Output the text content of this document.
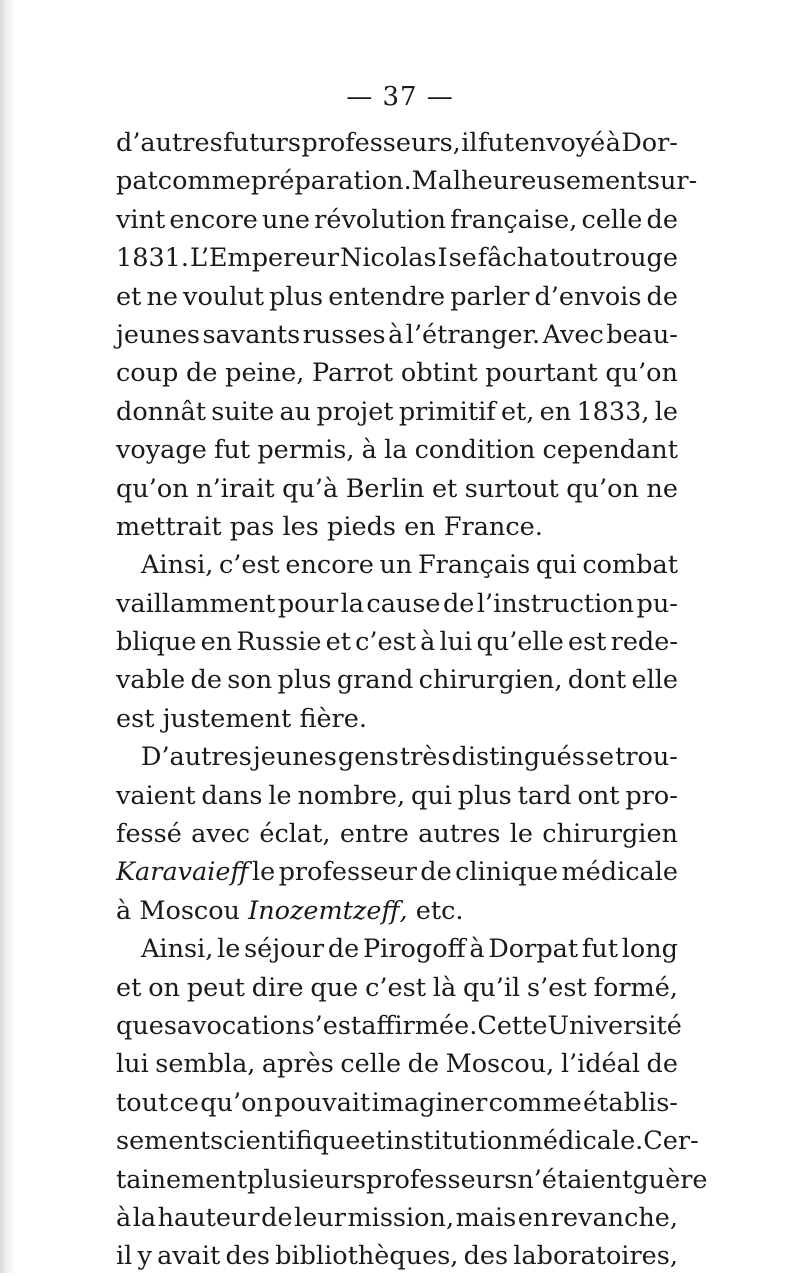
— 37 —
d’autres futurs professeurs, il fut envoyé à Dor-
pat comme préparation. Malheureusement sur-
vint encore une révolution française, celle de
1831. L’Empereur Nicolas I se fâcha tout rouge
et ne voulut plus entendre parler d’envois de
jeunes savants russes à l’étranger. Avec beau-
coup de peine, Parrot obtint pourtant qu’on
donnât suite au projet primitif et, en 1833, le
voyage fut permis, à la condition cependant
qu’on n’irait qu’à Berlin et surtout qu’on ne
mettrait pas les pieds en France.
Ainsi, c’est encore un Français qui combat
vaillamment pour la cause de l’instruction pu-
blique en Russie et c’est à lui qu’elle est rede-
vable de son plus grand chirurgien, dont elle
est justement fière.
D’autres jeunes gens très distingués se trou-
vaient dans le nombre, qui plus tard ont pro-
fessé avec éclat, entre autres le chirurgien
Karavaieff le professeur de clinique médicale
à Moscou Inozemtzeff, etc.
Ainsi, le séjour de Pirogoff à Dorpat fut long
et on peut dire que c’est là qu’il s’est formé,
que sa vocation s’est affirmée. Cette Université
lui sembla, après celle de Moscou, l’idéal de
tout ce qu’on pouvait imaginer comme établis-
sement scientifique et institution médicale. Cer-
tainement plusieurs professeurs n’étaient guère
à la hauteur de leur mission, mais en revanche,
il y avait des bibliothèques, des laboratoires,
